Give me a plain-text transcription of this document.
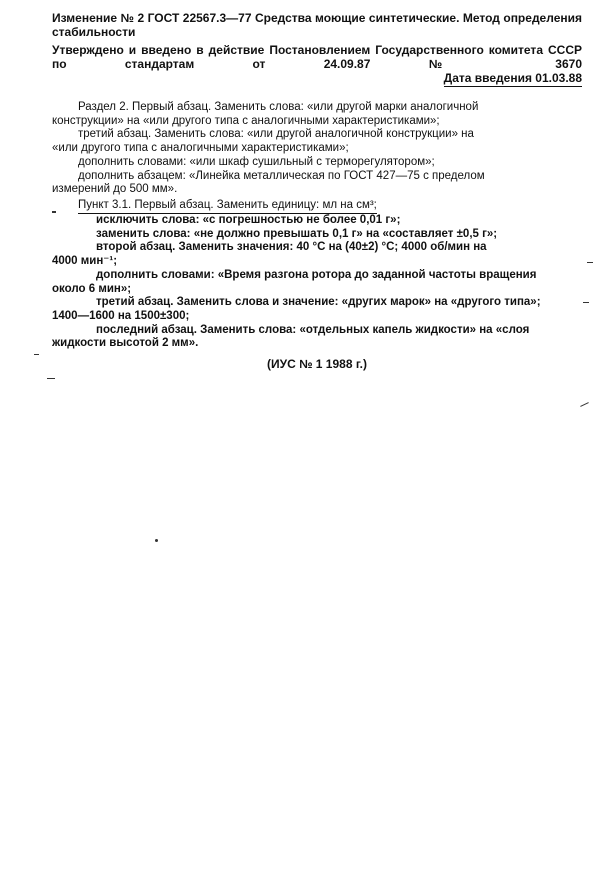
Изменение № 2 ГОСТ 22567.3—77 Средства моющие синтетические. Метод определения стабильности
Утверждено и введено в действие Постановлением Государственного комитета СССР по стандартам от 24.09.87 № 3670
Дата введения 01.03.88
Раздел 2. Первый абзац. Заменить слова: «или другой марки аналогичной
конструкции» на «или другого типа с аналогичными характеристиками»;
третий абзац. Заменить слова: «или другой аналогичной конструкции» на
«или другого типа с аналогичными характеристиками»;
дополнить словами: «или шкаф сушильный с терморегулятором»;
дополнить абзацем: «Линейка металлическая по ГОСТ 427—75 с пределом
измерений до 500 мм».
Пункт 3.1. Первый абзац. Заменить единицу: мл на см³;
исключить слова: «с погрешностью не более 0,01 г»;
заменить слова: «не должно превышать 0,1 г» на «составляет ±0,5 г»;
второй абзац. Заменить значения: 40 °С на (40±2) °С; 4000 об/мин на
4000 мин⁻¹;
дополнить словами: «Время разгона ротора до заданной частоты вращения
около 6 мин»;
третий абзац. Заменить слова и значение: «других марок» на «другого типа»;
1400—1600 на 1500±300;
последний абзац. Заменить слова: «отдельных капель жидкости» на «слоя
жидкости высотой 2 мм».
(ИУС № 1 1988 г.)
